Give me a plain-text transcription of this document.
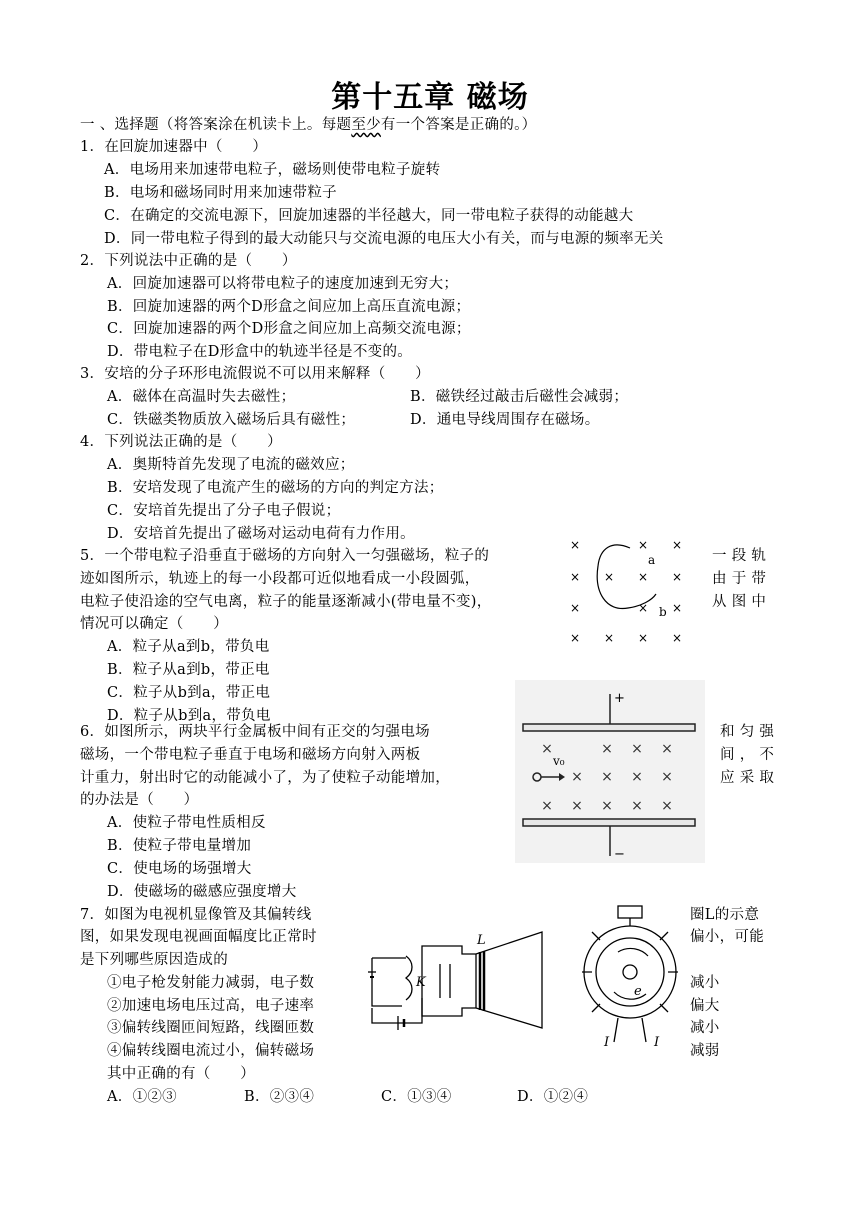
第十五章 磁场
一 、选择题（将答案涂在机读卡上。每题至少有一个答案是正确的。）
1．在回旋加速器中（　　）
A．电场用来加速带电粒子，磁场则使带电粒子旋转
B．电场和磁场同时用来加速带粒子
C．在确定的交流电源下，回旋加速器的半径越大，同一带电粒子获得的动能越大
D．同一带电粒子得到的最大动能只与交流电源的电压大小有关，而与电源的频率无关
2．下列说法中正确的是（　　）
A．回旋加速器可以将带电粒子的速度加速到无穷大；
B．回旋加速器的两个D形盒之间应加上高压直流电源；
C．回旋加速器的两个D形盒之间应加上高频交流电源；
D．带电粒子在D形盒中的轨迹半径是不变的。
3．安培的分子环形电流假说不可以用来解释（　　）
A．磁体在高温时失去磁性；	B．磁铁经过敲击后磁性会减弱；
C．铁磁类物质放入磁场后具有磁性；	D．通电导线周围存在磁场。
4．下列说法正确的是（　　）
A．奥斯特首先发现了电流的磁效应；
B．安培发现了电流产生的磁场的方向的判定方法；
C．安培首先提出了分子电子假说；
D．安培首先提出了磁场对运动电荷有力作用。
5．一个带电粒子沿垂直于磁场的方向射入一匀强磁场，粒子的
迹如图所示，轨迹上的每一小段都可近似地看成一小段圆弧，
电粒子使沿途的空气电离，粒子的能量逐渐减小(带电量不变)，
情况可以确定（　　）
一 段 轨
由 于 带
从 图 中
A．粒子从a到b，带负电
B．粒子从a到b，带正电
C．粒子从b到a，带正电
D．粒子从b到a，带负电
×	× ×
× × × ×
×	× ×
× × × ×
a
b
6．如图所示，两块平行金属板中间有正交的匀强电场
磁场，一个带电粒子垂直于电场和磁场方向射入两板
计重力，射出时它的动能减小了，为了使粒子动能增加，
的办法是（　　）
和 匀 强
间 ， 不
应 采 取
A．使粒子带电性质相反
B．使粒子带电量增加
C．使电场的场强增大
D．使磁场的磁感应强度增大
+
−
×	× × ×
× × × ×
× × × × ×
v₀
7．如图为电视机显像管及其偏转线
图，如果发现电视画面幅度比正常时
是下列哪些原因造成的
圈L的示意
偏小，可能
①电子枪发射能力减弱，电子数	减小
②加速电场电压过高，电子速率	偏大
③偏转线圈匝间短路，线圈匝数	减小
④偏转线圈电流过小，偏转磁场	减弱
其中正确的有（　　）
A．①②③	B．②③④	C．①③④	D．①②④
L
K
e
I	I
